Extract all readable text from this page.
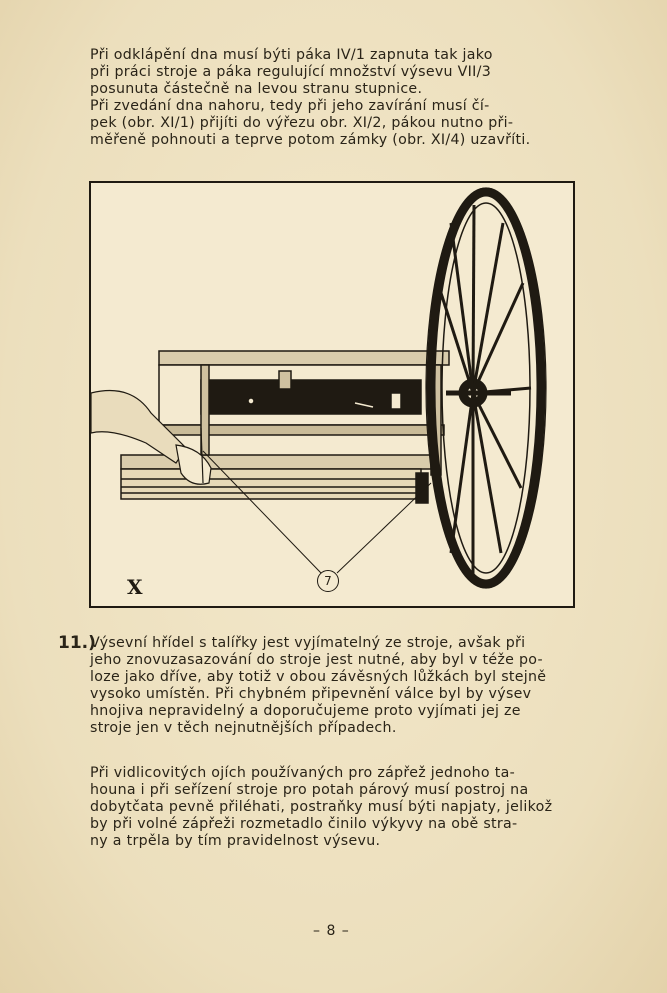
Při odklápění dna musí býti páka IV/1 zapnuta tak jako
při práci stroje a páka regulující množství výsevu VII/3
posunuta částečně na levou stranu stupnice.

Při zvedání dna nahoru, tedy při jeho zavírání musí čí-
pek (obr. XI/1) přijíti do výřezu obr. XI/2, pákou nutno při-
měřeně pohnouti a teprve potom zámky (obr. XI/4) uzavříti.

X	7
11.)

Výsevní hřídel s talířky jest vyjímatelný ze stroje, avšak při
jeho znovuzasazování do stroje jest nutné, aby byl v téže po-
loze jako dříve, aby totiž v obou závěsných lůžkách byl stejně
vysoko umístěn. Při chybném připevnění válce byl by výsev
hnojiva nepravidelný a doporučujeme proto vyjímati jej ze
stroje jen v těch nejnutnějších případech.

Při vidlicovitých ojích používaných pro zápřež jednoho ta-
houna i při seřízení stroje pro potah párový musí postroj na
dobytčata pevně přiléhati, postraňky musí býti napjaty, jelikož
by při volné zápřeži rozmetadlo činilo výkyvy na obě stra-
ny a trpěla by tím pravidelnost výsevu.

– 8 –
